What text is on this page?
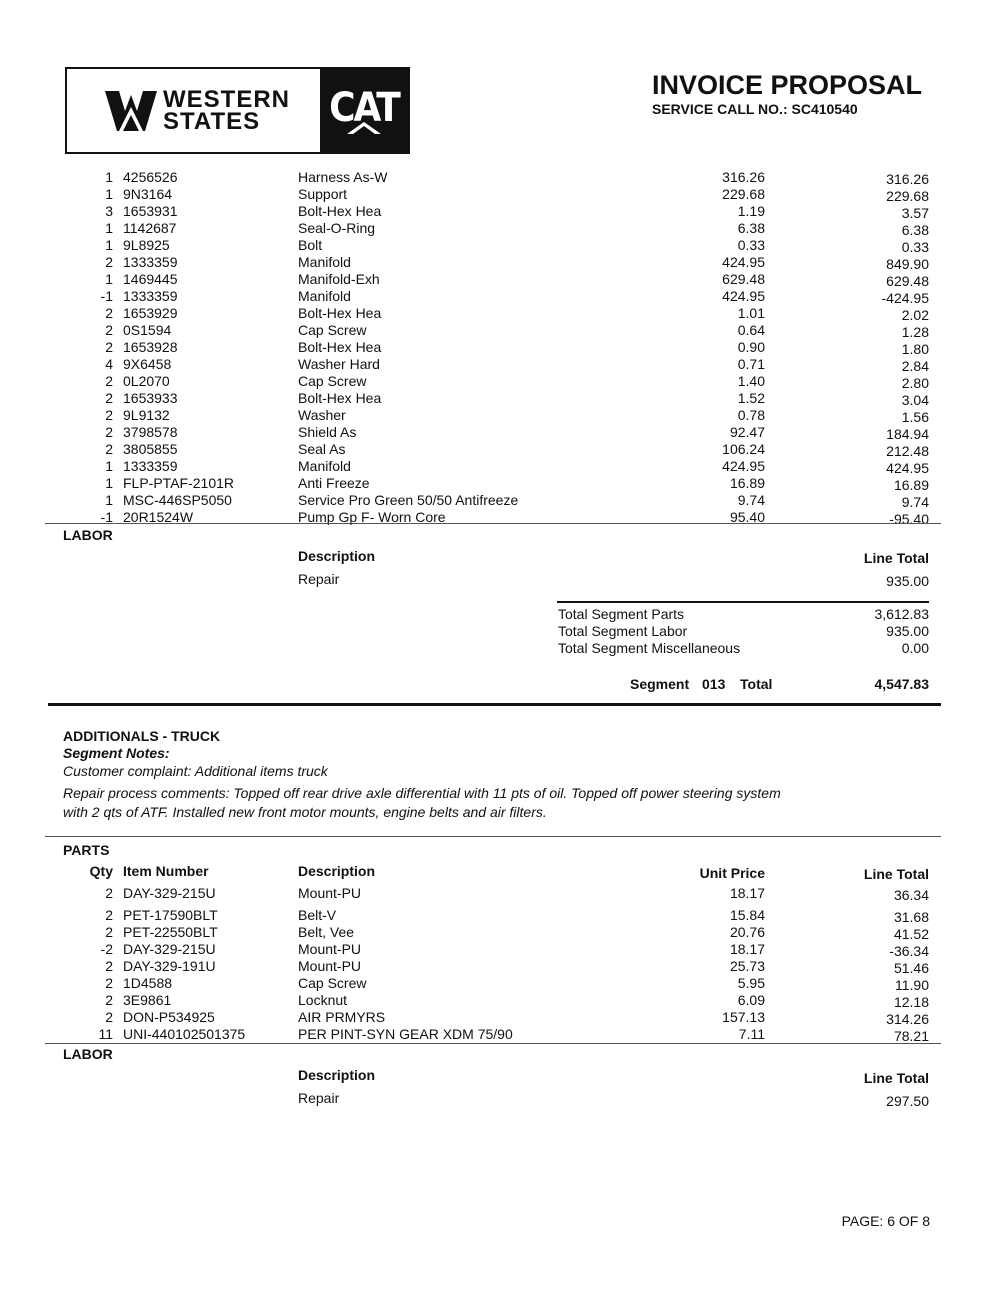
WESTERN
STATES	CAT	INVOICE PROPOSAL
SERVICE CALL NO.: SC410540
1 4256526	Harness As-W	316.26	316.26
1 9N3164	Support	229.68	229.68
3 1653931	Bolt-Hex Hea	1.19	3.57
1 1142687	Seal-O-Ring	6.38	6.38
1 9L8925	Bolt	0.33	0.33
2 1333359	Manifold	424.95	849.90
1 1469445	Manifold-Exh	629.48	629.48
-1 1333359	Manifold	424.95	-424.95
2 1653929	Bolt-Hex Hea	1.01	2.02
2 0S1594	Cap Screw	0.64	1.28
2 1653928	Bolt-Hex Hea	0.90	1.80
4 9X6458	Washer Hard	0.71	2.84
2 0L2070	Cap Screw	1.40	2.80
2 1653933	Bolt-Hex Hea	1.52	3.04
2 9L9132	Washer	0.78	1.56
2 3798578	Shield As	92.47	184.94
2 3805855	Seal As	106.24	212.48
1 1333359	Manifold	424.95	424.95
1 FLP-PTAF-2101R	Anti Freeze	16.89	16.89
1 MSC-446SP5050	Service Pro Green 50/50 Antifreeze	9.74	9.74
-1 20R1524W	Pump Gp F- Worn Core	95.40	-95.40
LABOR
Description	Line Total
Repair	935.00
Total Segment Parts	3,612.83
Total Segment Labor	935.00
Total Segment Miscellaneous	0.00
Segment 013 Total	4,547.83
ADDITIONALS - TRUCK
Segment Notes:
Customer complaint: Additional items truck
Repair process comments: Topped off rear drive axle differential with 11 pts of oil. Topped off power steering system
with 2 qts of ATF. Installed new front motor mounts, engine belts and air filters.
PARTS
Qty Item Number	Description	Unit Price	Line Total
2 DAY-329-215U	Mount-PU	18.17	36.34
2 PET-17590BLT	Belt-V	15.84	31.68
2 PET-22550BLT	Belt, Vee	20.76	41.52
-2 DAY-329-215U	Mount-PU	18.17	-36.34
2 DAY-329-191U	Mount-PU	25.73	51.46
2 1D4588	Cap Screw	5.95	11.90
2 3E9861	Locknut	6.09	12.18
2 DON-P534925	AIR PRMYRS	157.13	314.26
11 UNI-440102501375	PER PINT-SYN GEAR XDM 75/90	7.11	78.21
LABOR
Description	Line Total
Repair	297.50
PAGE: 6 OF 8
